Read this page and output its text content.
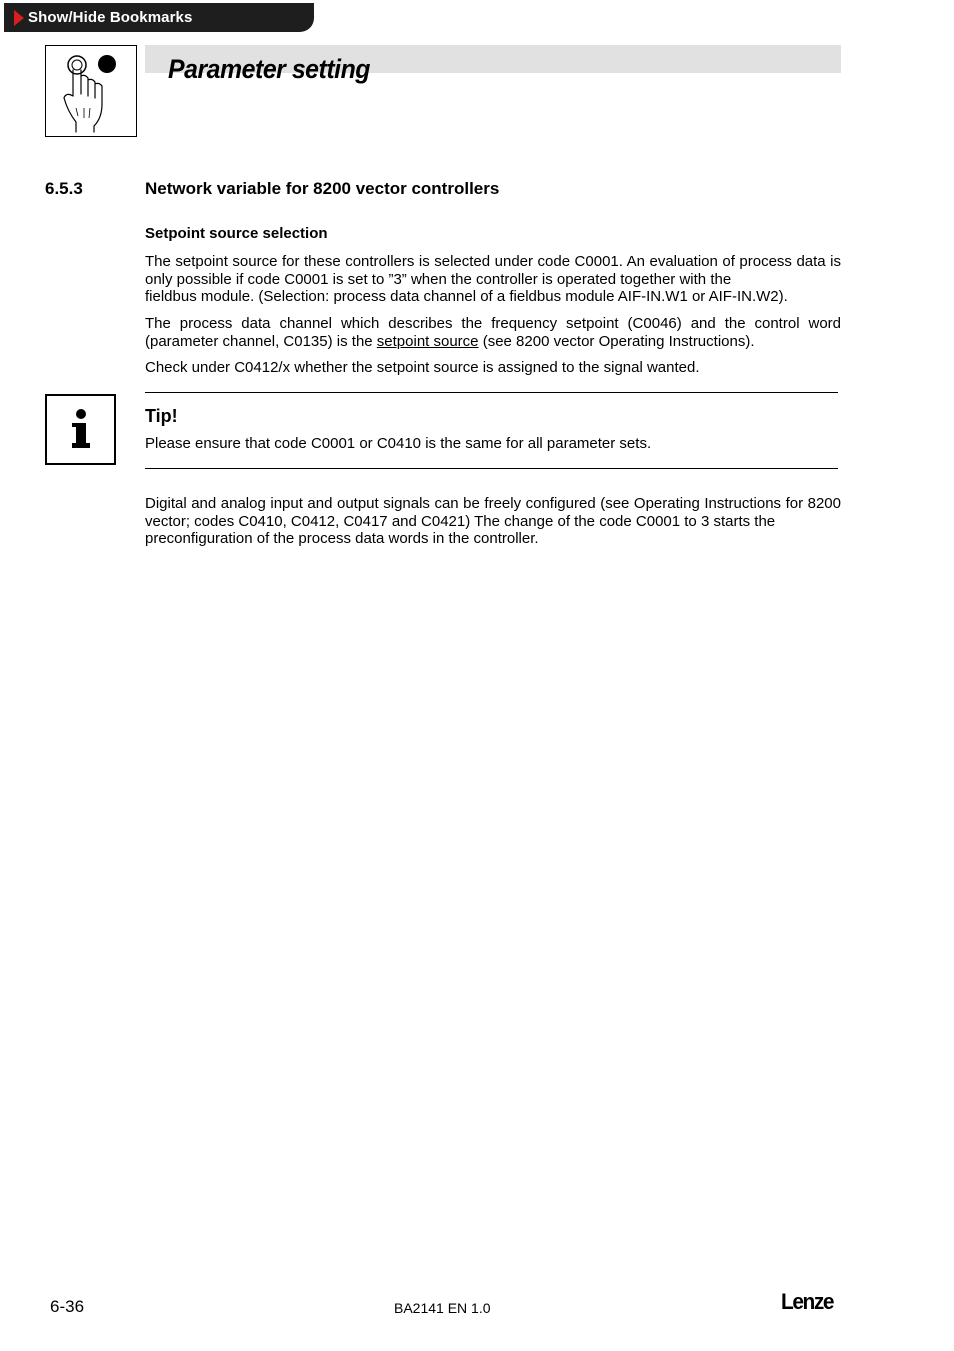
Show/Hide Bookmarks
Parameter setting
6.5.3	Network variable for 8200 vector controllers
Setpoint source selection

The setpoint source for these controllers is selected under code C0001. An evaluation of process data is only possible if code C0001 is set to ”3” when the controller is operated together with the
fieldbus module. (Selection: process data channel of a fieldbus module AIF-IN.W1 or AIF-IN.W2).

The process data channel which describes the frequency setpoint (C0046) and the control word (parameter channel, C0135) is the setpoint source (see 8200 vector Operating Instructions).

Check under C0412/x whether the setpoint source is assigned to the signal wanted.

Tip!
Please ensure that code C0001 or C0410 is the same for all parameter sets.

Digital and analog input and output signals can be freely configured (see Operating Instructions for 8200 vector; codes C0410, C0412, C0417 and C0421) The change of the code C0001 to 3 starts the
preconfiguration of the process data words in the controller.

6-36	BA2141 EN 1.0	Lenze
